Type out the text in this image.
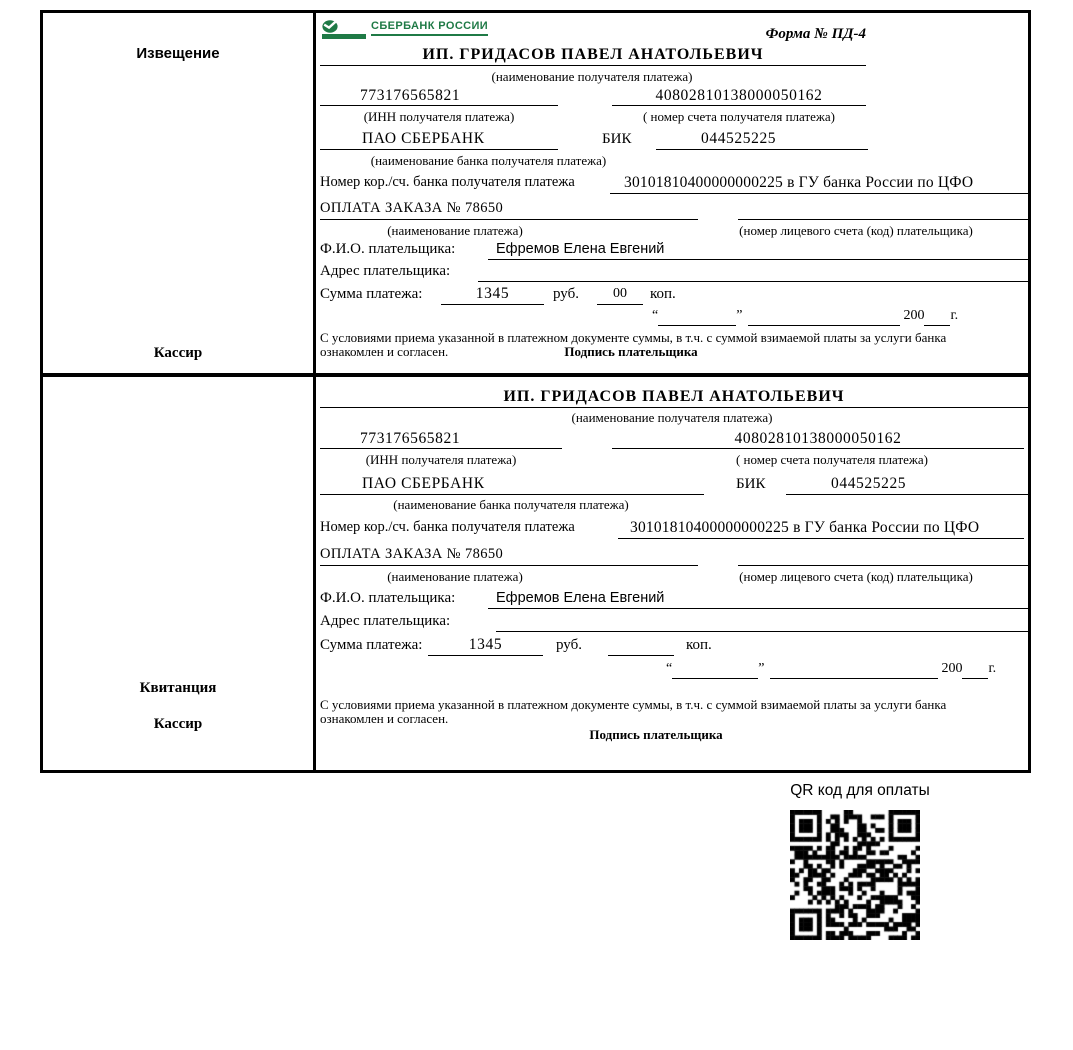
Извещение
Кассир
Квитанция
Кассир
СБЕРБАНК РОССИИ	Форма № ПД-4
ИП. ГРИДАСОВ ПАВЕЛ АНАТОЛЬЕВИЧ
(наименование получателя платежа)
773176565821	40802810138000050162
(ИНН получателя платежа)	( номер счета получателя платежа)
ПАО СБЕРБАНК	БИК	044525225
(наименование банка получателя платежа)
Номер кор./сч. банка получателя платежа	30101810400000000225 в ГУ банка России по ЦФО
ОПЛАТА ЗАКАЗА № 78650
(наименование платежа)	(номер лицевого счета (код) плательщика)
Ф.И.О. плательщика:	Ефремов Елена Евгений
Адрес плательщика:
Сумма платежа:	1345	руб.	00	коп.
“	”	200 г.
С условиями приема указанной в платежном документе суммы, в т.ч. с суммой взимаемой платы за услуги банка
ознакомлен и согласен.	Подпись плательщика
ИП. ГРИДАСОВ ПАВЕЛ АНАТОЛЬЕВИЧ
(наименование получателя платежа)
773176565821	40802810138000050162
(ИНН получателя платежа)	( номер счета получателя платежа)
ПАО СБЕРБАНК	БИК	044525225
(наименование банка получателя платежа)
Номер кор./сч. банка получателя платежа	30101810400000000225 в ГУ банка России по ЦФО
ОПЛАТА ЗАКАЗА № 78650
(наименование платежа)	(номер лицевого счета (код) плательщика)
Ф.И.О. плательщика:	Ефремов Елена Евгений
Адрес плательщика:
Сумма платежа:	1345	руб.	коп.
“	”	200 г.
С условиями приема указанной в платежном документе суммы, в т.ч. с суммой взимаемой платы за услуги банка
ознакомлен и согласен.
Подпись плательщика
QR код для оплаты
